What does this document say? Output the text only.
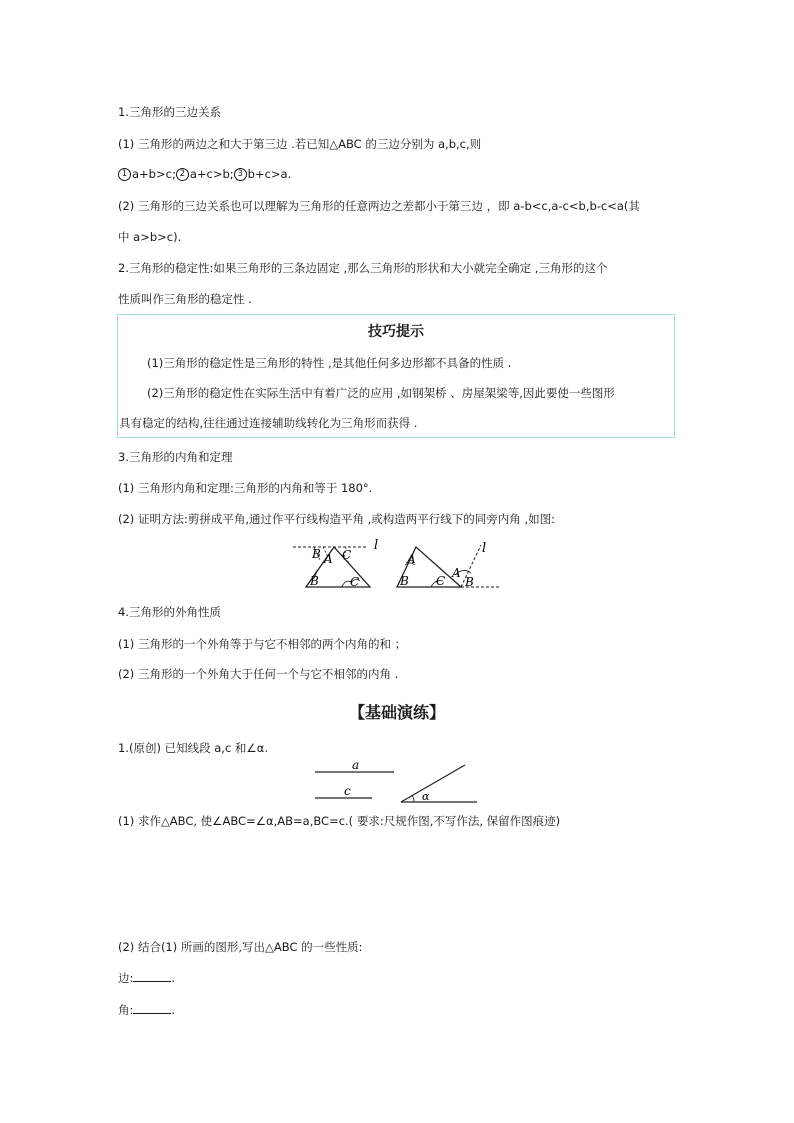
1.三角形的三边关系
(1) 三角形的两边之和大于第三边 .若已知△ABC 的三边分别为 a,b,c,则
1 a+b>c; 2 a+c>b; 3 b+c>a.
(2) 三角形的三边关系也可以理解为三角形的任意两边之差都小于第三边 ，即 a-b<c,a-c<b,b-c<a(其
中 a>b>c).
2.三角形的稳定性:如果三角形的三条边固定 ,那么三角形的形状和大小就完全确定 ,三角形的这个
性质叫作三角形的稳定性 .
技巧提示
(1)三角形的稳定性是三角形的特性 ,是其他任何多边形都不具备的性质 .
(2)三角形的稳定性在实际生活中有着广泛的应用 ,如钢架桥 、房屋架梁等,因此要使一些图形
具有稳定的结构,往往通过连接辅助线转化为三角形而获得 .
3.三角形的内角和定理
(1) 三角形内角和定理:三角形的内角和等于 180°.
(2) 证明方法:剪拼成平角,通过作平行线构造平角 ,或构造两平行线下的同旁内角 ,如图:
l
B A C
B	C
l
A
B C
A
B
4.三角形的外角性质
(1) 三角形的一个外角等于与它不相邻的两个内角的和 ；
(2) 三角形的一个外角大于任何一个与它不相邻的内角 .
【基础演练】
1.(原创) 已知线段 a,c 和∠α.
a
c	α
(1) 求作△ABC, 使∠ABC=∠α,AB=a,BC=c.( 要求:尺规作图,不写作法, 保留作图痕迹)
(2) 结合(1) 所画的图形,写出△ABC 的一些性质:
边:	.
角:	.
